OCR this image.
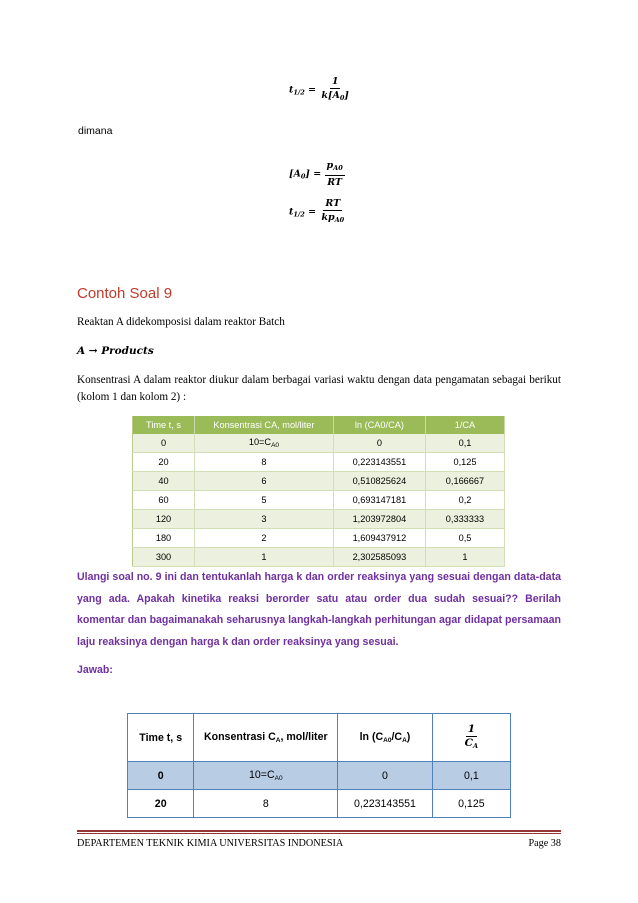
$t_{1/2} = \frac{1}{k[A_0]}$
dimana
$[A_0] = \frac{p_{A0}}{RT}$
$t_{1/2} = \frac{RT}{kp_{A0}}$
Contoh Soal 9
Reaktan A didekomposisi dalam reaktor Batch
A → Products
Konsentrasi A dalam reaktor diukur dalam berbagai variasi waktu dengan data pengamatan sebagai berikut (kolom 1 dan kolom 2) :
Time t, s	Konsentrasi CA, mol/liter	ln (CA0/CA)	1/CA
0	$10=C_{A0}$	0	0,1
20	8	0,223143551	0,125
40	6	0,510825624	0,166667
60	5	0,693147181	0,2
120	3	1,203972804	0,333333
180	2	1,609437912	0,5
300	1	2,302585093	1
Ulangi soal no. 9 ini dan tentukanlah harga k dan order reaksinya yang sesuai dengan data-data yang ada. Apakah kinetika reaksi berorder satu atau order dua sudah sesuai?? Berilah komentar dan bagaimanakah seharusnya langkah-langkah perhitungan agar didapat persamaan laju reaksinya dengan harga k dan order reaksinya yang sesuai.
Jawab:
Time t, s	Konsentrasi $C_A$, mol/liter	$\ln (C_{A0}/C_A)$	$\frac{1}{C_A}$

0	$10=C_{A0}$	0	0,1
20	8	0,223143551	0,125
DEPARTEMEN TEKNIK KIMIA UNIVERSITAS INDONESIA	Page 38
